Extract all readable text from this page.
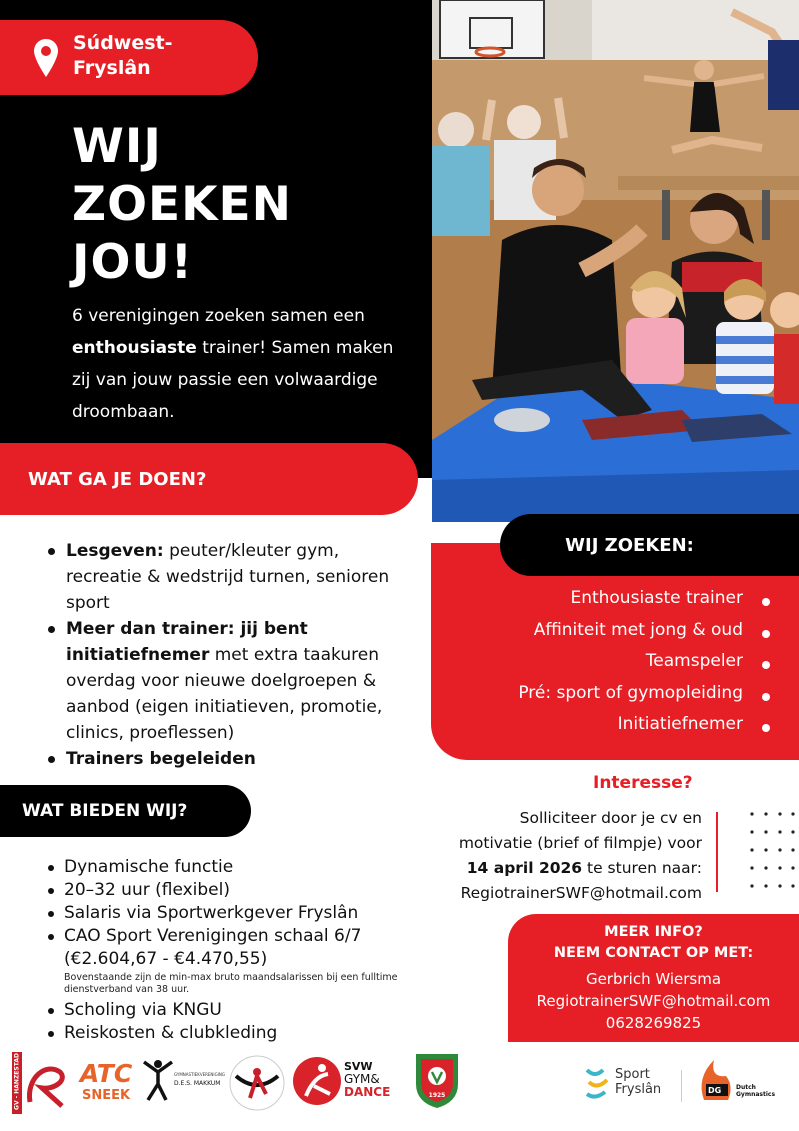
Súdwest-
Fryslân
WIJ
ZOEKEN
JOU!

6 verenigingen zoeken samen een enthousiaste trainer! Samen maken zij van jouw passie een volwaardige droombaan.

WAT GA JE DOEN?
Lesgeven: peuter/kleuter gym, recreatie & wedstrijd turnen, senioren sport
Meer dan trainer: jij bent initiatiefnemer met extra taakuren overdag voor nieuwe doelgroepen & aanbod (eigen initiatieven, promotie, clinics, proeflessen)
Trainers begeleiden
WIJ ZOEKEN:
Enthousiaste trainer
Affiniteit met jong & oud
Teamspeler
Pré: sport of gymopleiding
Initiatiefnemer
WAT BIEDEN WIJ?
Dynamische functie
20–32 uur (flexibel)
Salaris via Sportwerkgever Fryslân
CAO Sport Verenigingen schaal 6/7 (€2.604,67 - €4.470,55)
Bovenstaande zijn de min-max bruto maandsalarissen bij een fulltime dienstverband van 38 uur.
Scholing via KNGU
Reiskosten & clubkleding
Interesse?
Solliciteer door je cv en
motivatie (brief of filmpje) voor
14 april 2026 te sturen naar:
RegiotrainerSWF@hotmail.com
MEER INFO?
NEEM CONTACT OP MET:
Gerbrich Wiersma
RegiotrainerSWF@hotmail.com
0628269825
GV - HANZESTAD ATC
SNEEK
GYMNASTIEKVERENIGING
D.E.S. MAKKUM
SVW
GYM&
DANCE	1925
Sport
Fryslân	DG Dutch
Gymnastics
